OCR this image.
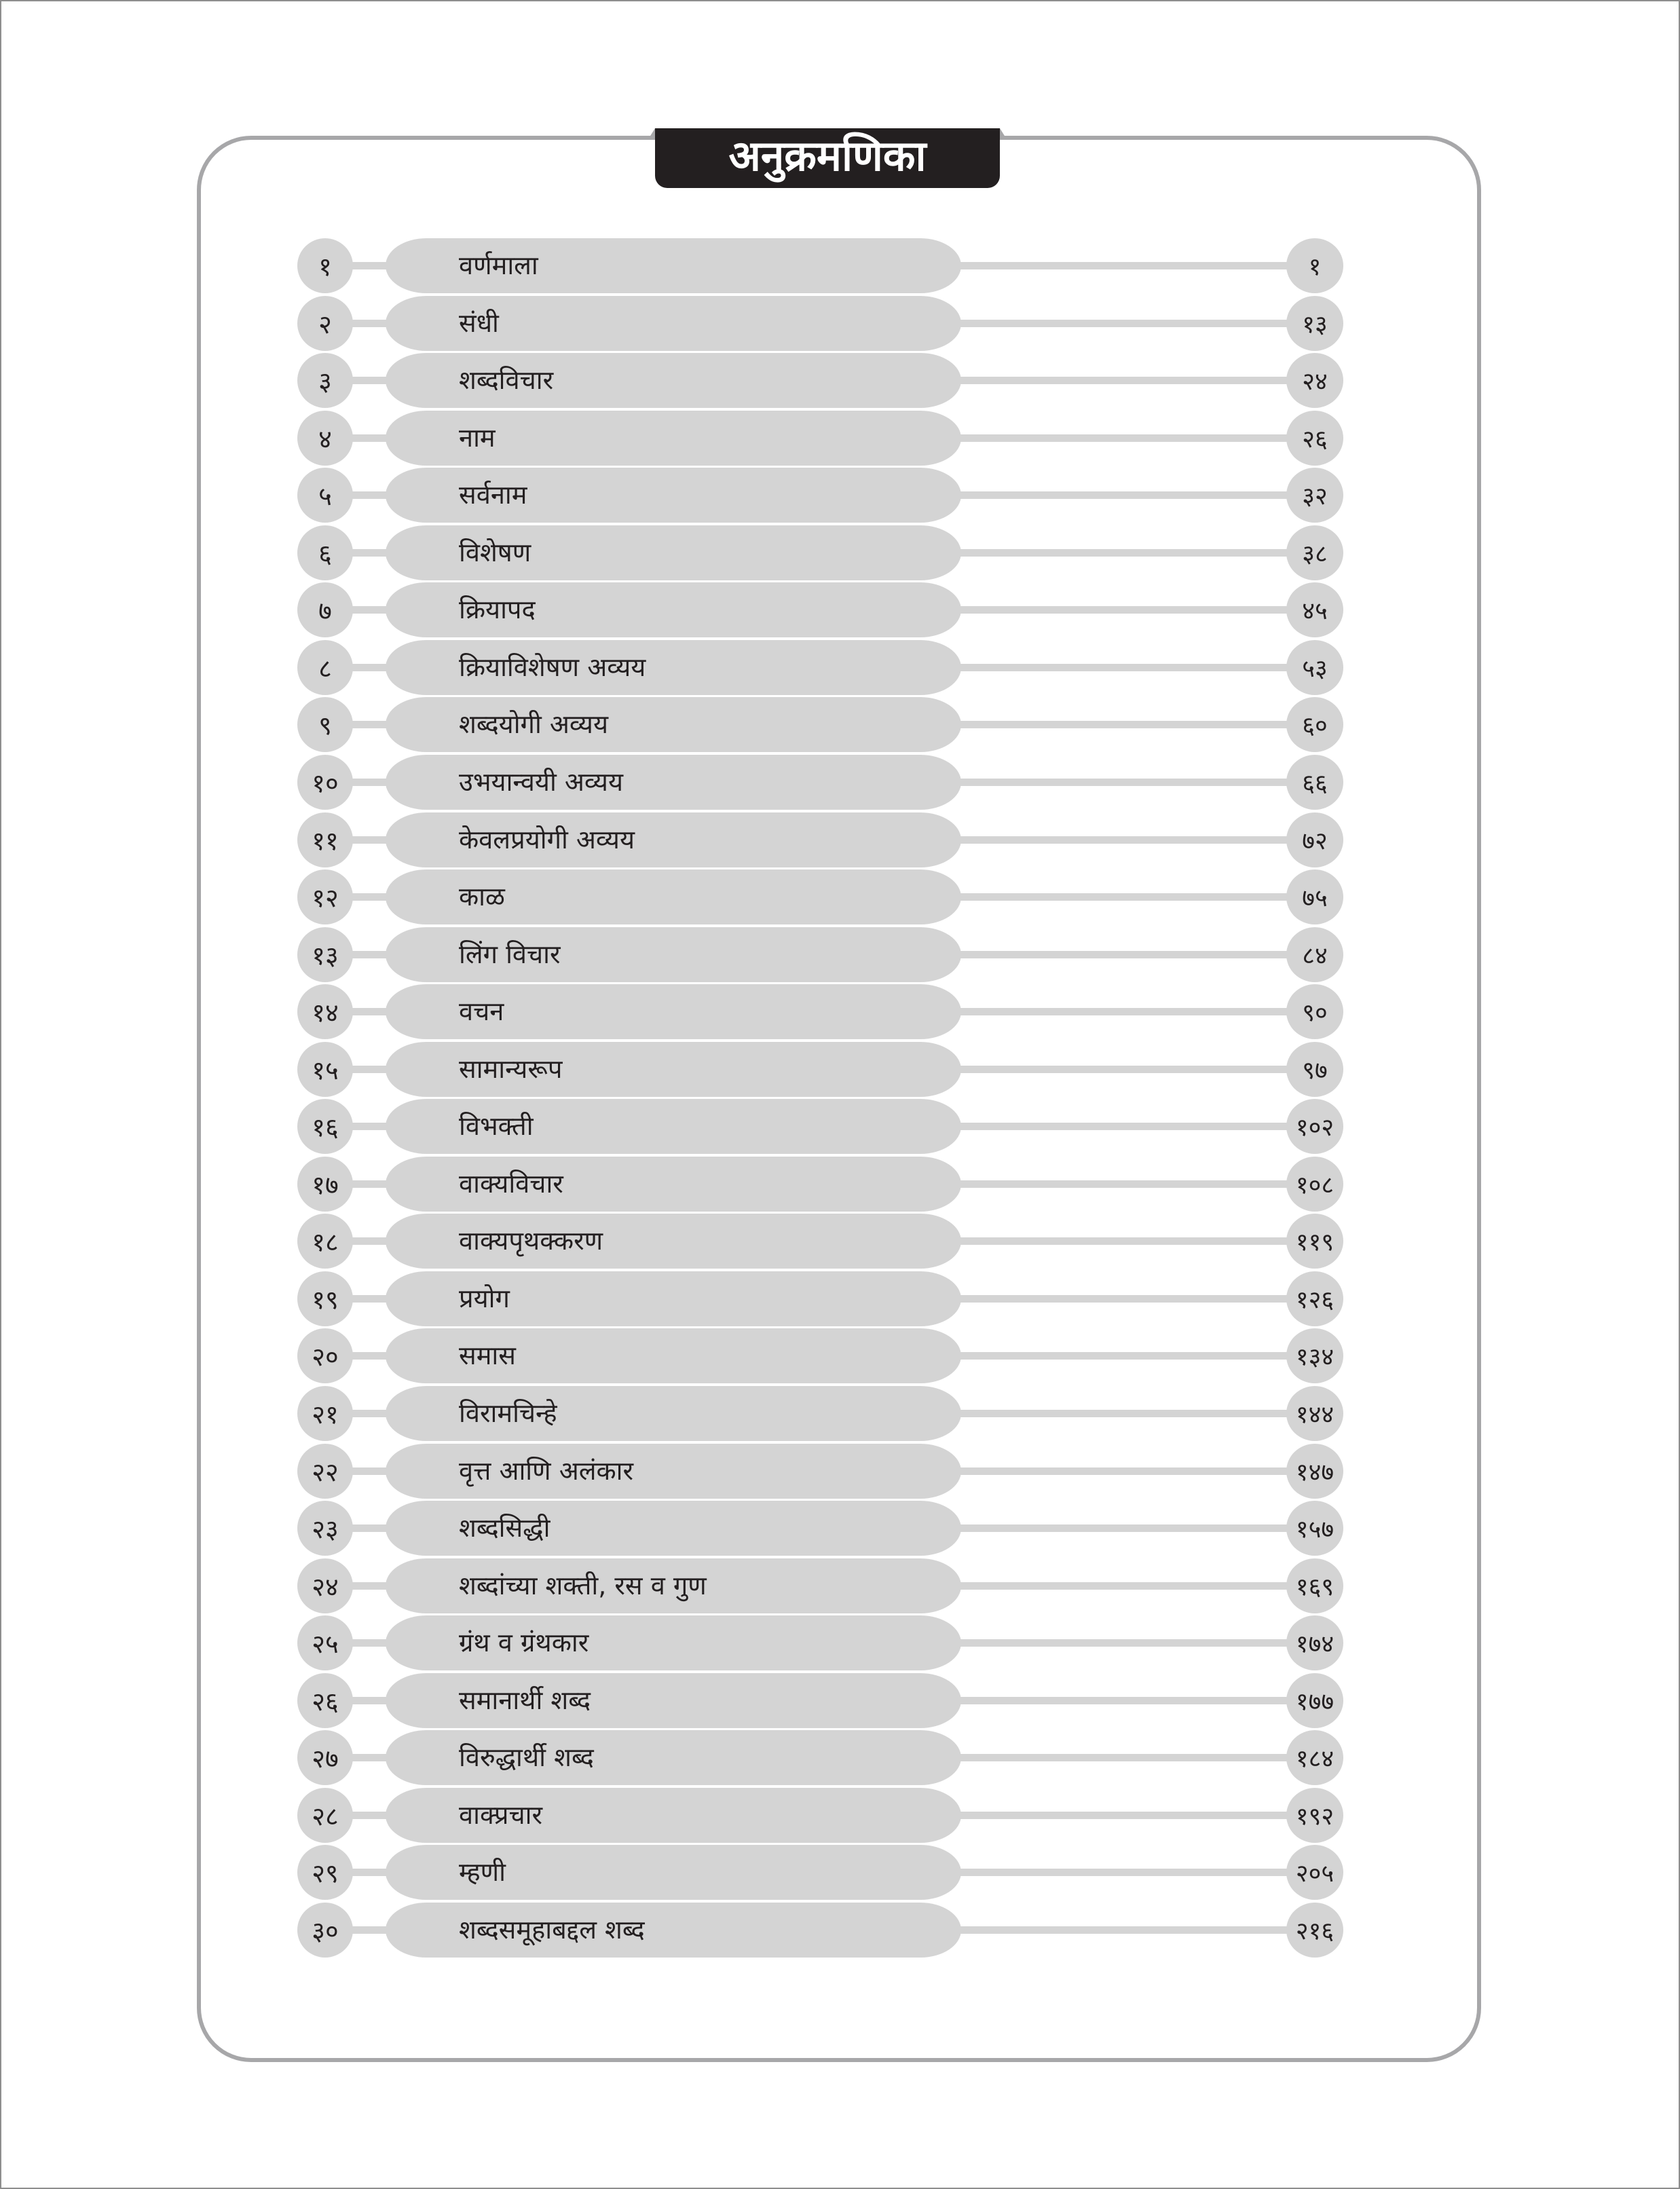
अनुक्रमणिका
१	वर्णमाला	१
२	संधी	१३
३	शब्दविचार	२४
४	नाम	२६
५	सर्वनाम	३२
६	विशेषण	३८
७	क्रियापद	४५
८	क्रियाविशेषण अव्यय	५३
९	शब्दयोगी अव्यय	६०
१०	उभयान्वयी अव्यय	६६
११	केवलप्रयोगी अव्यय	७२
१२	काळ	७५
१३	लिंग विचार	८४
१४	वचन	९०
१५	सामान्यरूप	९७
१६	विभक्ती	१०२
१७	वाक्यविचार	१०८
१८	वाक्यपृथक्करण	११९
१९	प्रयोग	१२६
२०	समास	१३४
२१	विरामचिन्हे	१४४
२२	वृत्त आणि अलंकार	१४७
२३	शब्दसिद्धी	१५७
२४	शब्दांच्या शक्ती, रस व गुण	१६९
२५	ग्रंथ व ग्रंथकार	१७४
२६	समानार्थी शब्द	१७७
२७	विरुद्धार्थी शब्द	१८४
२८	वाक्प्रचार	१९२
२९	म्हणी	२०५
३०	शब्दसमूहाबद्दल शब्द	२१६
